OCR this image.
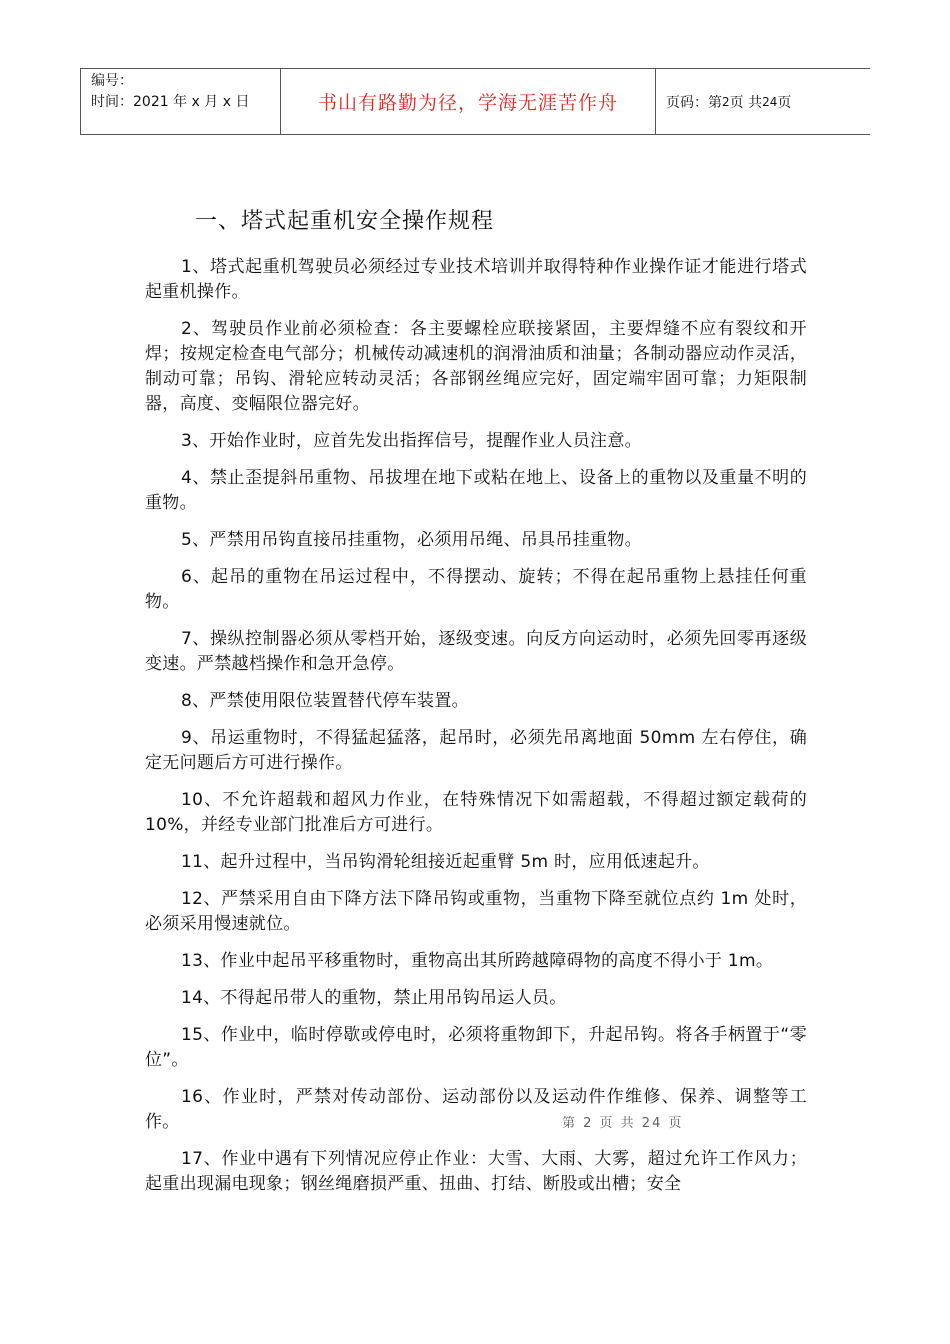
编号：
时间：2021 年 x 月 x 日	书山有路勤为径，学海无涯苦作舟	页码：第 2 页 共 24 页
一、塔式起重机安全操作规程

1、塔式起重机驾驶员必须经过专业技术培训并取得特种作业操作证才能进行塔式起重机操作。

2、驾驶员作业前必须检查：各主要螺栓应联接紧固，主要焊缝不应有裂纹和开焊；按规定检查电气部分；机械传动减速机的润滑油质和油量；各制动器应动作灵活，制动可靠；吊钩、滑轮应转动灵活；各部钢丝绳应完好，固定端牢固可靠；力矩限制器，高度、变幅限位器完好。

3、开始作业时，应首先发出指挥信号，提醒作业人员注意。

4、禁止歪提斜吊重物、吊拔埋在地下或粘在地上、设备上的重物以及重量不明的重物。

5、严禁用吊钩直接吊挂重物，必须用吊绳、吊具吊挂重物。

6、起吊的重物在吊运过程中，不得摆动、旋转；不得在起吊重物上悬挂任何重物。

7、操纵控制器必须从零档开始，逐级变速。向反方向运动时，必须先回零再逐级变速。严禁越档操作和急开急停。

8、严禁使用限位装置替代停车装置。

9、吊运重物时，不得猛起猛落，起吊时，必须先吊离地面 50mm 左右停住，确定无问题后方可进行操作。

10、不允许超载和超风力作业，在特殊情况下如需超载，不得超过额定载荷的 10%，并经专业部门批准后方可进行。

11、起升过程中，当吊钩滑轮组接近起重臂 5m 时，应用低速起升。

12、严禁采用自由下降方法下降吊钩或重物，当重物下降至就位点约 1m 处时，必须采用慢速就位。

13、作业中起吊平移重物时，重物高出其所跨越障碍物的高度不得小于 1m。

14、不得起吊带人的重物，禁止用吊钩吊运人员。

15、作业中，临时停歇或停电时，必须将重物卸下，升起吊钩。将各手柄置于“零位”。

16、作业时，严禁对传动部份、运动部份以及运动件作维修、保养、调整等工作。

17、作业中遇有下列情况应停止作业：大雪、大雨、大雾，超过允许工作风力；起重出现漏电现象；钢丝绳磨损严重、扭曲、打结、断股或出槽；安全

第 2 页 共 24 页
